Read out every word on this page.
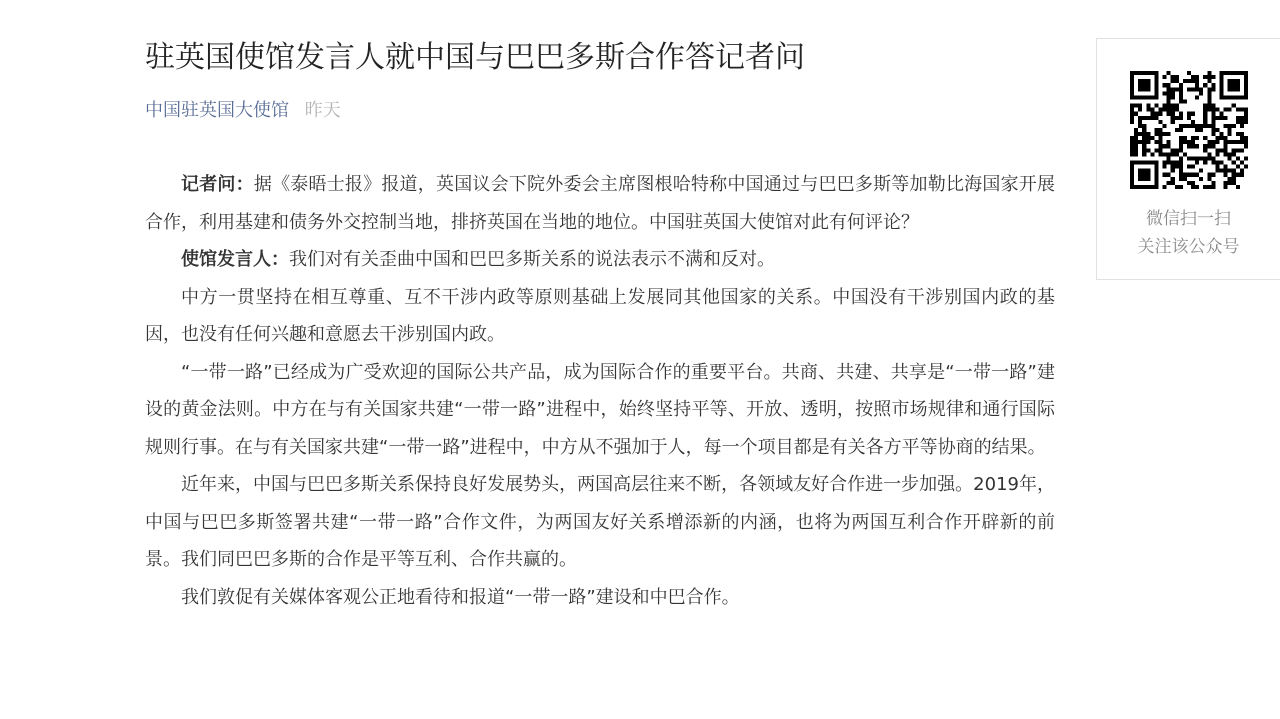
驻英国使馆发言人就中国与巴巴多斯合作答记者问
中国驻英国大使馆 昨天

记者问：据《泰晤士报》报道，英国议会下院外委会主席图根哈特称中国通过与巴巴多斯等加勒比海国家开展合作，利用基建和债务外交控制当地，排挤英国在当地的地位。中国驻英国大使馆对此有何评论？

使馆发言人：我们对有关歪曲中国和巴巴多斯关系的说法表示不满和反对。

中方一贯坚持在相互尊重、互不干涉内政等原则基础上发展同其他国家的关系。中国没有干涉别国内政的基因，也没有任何兴趣和意愿去干涉别国内政。

“一带一路”已经成为广受欢迎的国际公共产品，成为国际合作的重要平台。共商、共建、共享是“一带一路”建设的黄金法则。中方在与有关国家共建“一带一路”进程中，始终坚持平等、开放、透明，按照市场规律和通行国际规则行事。在与有关国家共建“一带一路”进程中，中方从不强加于人，每一个项目都是有关各方平等协商的结果。

近年来，中国与巴巴多斯关系保持良好发展势头，两国高层往来不断，各领域友好合作进一步加强。2019年，中国与巴巴多斯签署共建“一带一路”合作文件，为两国友好关系增添新的内涵，也将为两国互利合作开辟新的前景。我们同巴巴多斯的合作是平等互利、合作共赢的。

我们敦促有关媒体客观公正地看待和报道“一带一路”建设和中巴合作。

微信扫一扫
关注该公众号
